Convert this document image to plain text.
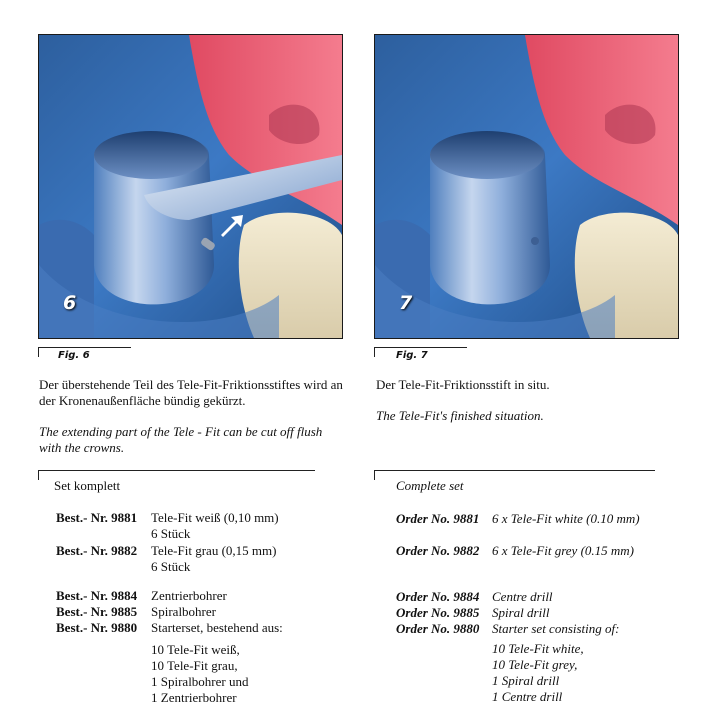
6	7
Fig. 6	Fig. 7
Der überstehende Teil des Tele-Fit-Friktionsstiftes wird an der Kronenaußenfläche bündig gekürzt.
The extending part of the Tele - Fit can be cut off flush with the crowns.
Set komplett
Best.- Nr. 9881 Tele-Fit weiß (0,10 mm)
6 Stück
Best.- Nr. 9882 Tele-Fit grau (0,15 mm)
6 Stück
Best.- Nr. 9884 Zentrierbohrer
Best.- Nr. 9885 Spiralbohrer
Best.- Nr. 9880 Starterset, bestehend aus:
10 Tele-Fit weiß,
10 Tele-Fit grau,
1 Spiralbohrer und
1 Zentrierbohrer
Der Tele-Fit-Friktionsstift in situ.
The Tele-Fit's finished situation.
Complete set
Order No. 9881 6 x Tele-Fit white (0.10 mm)
Order No. 9882 6 x Tele-Fit grey (0.15 mm)
Order No. 9884 Centre drill
Order No. 9885 Spiral drill
Order No. 9880 Starter set consisting of:
10 Tele-Fit white,
10 Tele-Fit grey,
1 Spiral drill
1 Centre drill
